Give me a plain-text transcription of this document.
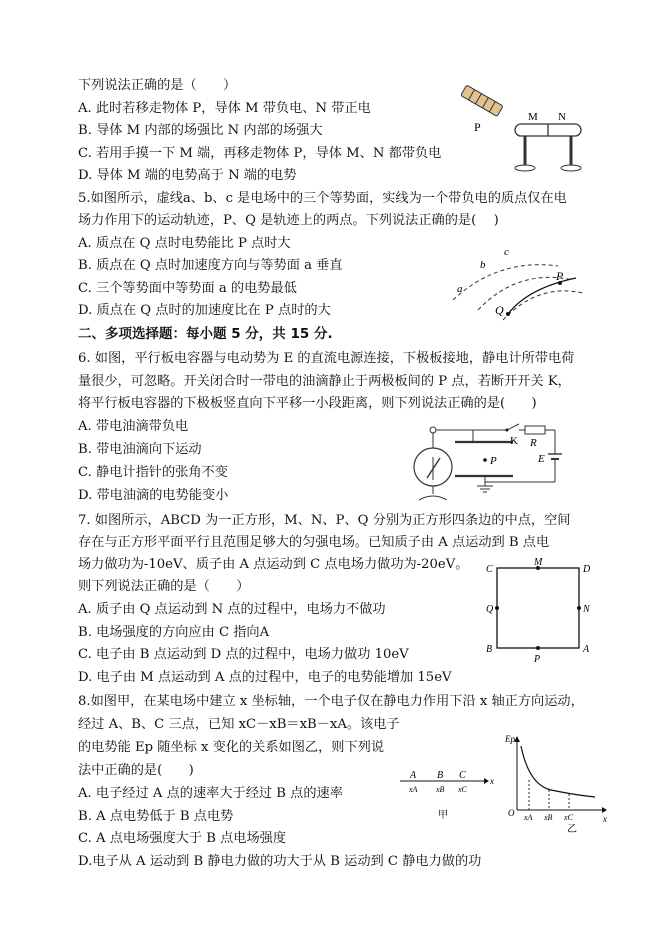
下列说法正确的是（　　）
A. 此时若移走物体 P，导体 M 带负电、N 带正电
B. 导体 M 内部的场强比 N 内部的场强大
C. 若用手摸一下 M 端，再移走物体 P，导体 M、N 都带负电
D. 导体 M 端的电势高于 N 端的电势
P
M N
5.如图所示，虚线a、b、c 是电场中的三个等势面，实线为一个带负电的质点仅在电
场力作用下的运动轨迹，P、Q 是轨迹上的两点。下列说法正确的是(　 )
A. 质点在 Q 点时电势能比 P 点时大
B. 质点在 Q 点时加速度方向与等势面 a 垂直
C. 三个等势面中等势面 a 的电势最低
D. 质点在 Q 点时的加速度比在 P 点时的大
a
b
c
P
Q
二、多项选择题：每小题 5 分，共 15 分.
6. 如图，平行板电容器与电动势为 E 的直流电源连接，下极板接地，静电计所带电荷
量很少，可忽略。开关闭合时一带电的油滴静止于两极板间的 P 点，若断开开关 K，
将平行板电容器的下极板竖直向下平移一小段距离，则下列说法正确的是(　　)
A. 带电油滴带负电
B. 带电油滴向下运动
C. 静电计指针的张角不变
D. 带电油滴的电势能变小
P
K R
E
7. 如图所示，ABCD 为一正方形，M、N、P、Q 分别为正方形四条边的中点，空间
存在与正方形平面平行且范围足够大的匀强电场。已知质子由 A 点运动到 B 点电
场力做功为-10eV、质子由 A 点运动到 C 点电场力做功为-20eV。
则下列说法正确的是（　　）
A. 质子由 Q 点运动到 N 点的过程中，电场力不做功
B. 电场强度的方向应由 C 指向A
C. 电子由 B 点运动到 D 点的过程中，电场力做功 10eV
D. 电子由 M 点运动到 A 点的过程中，电子的电势能增加 15eV
C	D
A
B
M
P
Q	N
8.如图甲，在某电场中建立 x 坐标轴，一个电子仅在静电力作用下沿 x 轴正方向运动，
经过 A、B、C 三点，已知 xC－xB＝xB－xA。该电子
的电势能 Ep 随坐标 x 变化的关系如图乙，则下列说
法中正确的是(　　)
A. 电子经过 A 点的速率大于经过 B 点的速率
B. A 点电势低于 B 点电势
C. A 点电场强度大于 B 点电场强度
D.电子从 A 运动到 B 静电力做的功大于从 B 运动到 C 静电力做的功
x
A B C
xA xB xC
甲
Ep
O
x
xA xB xC
乙
